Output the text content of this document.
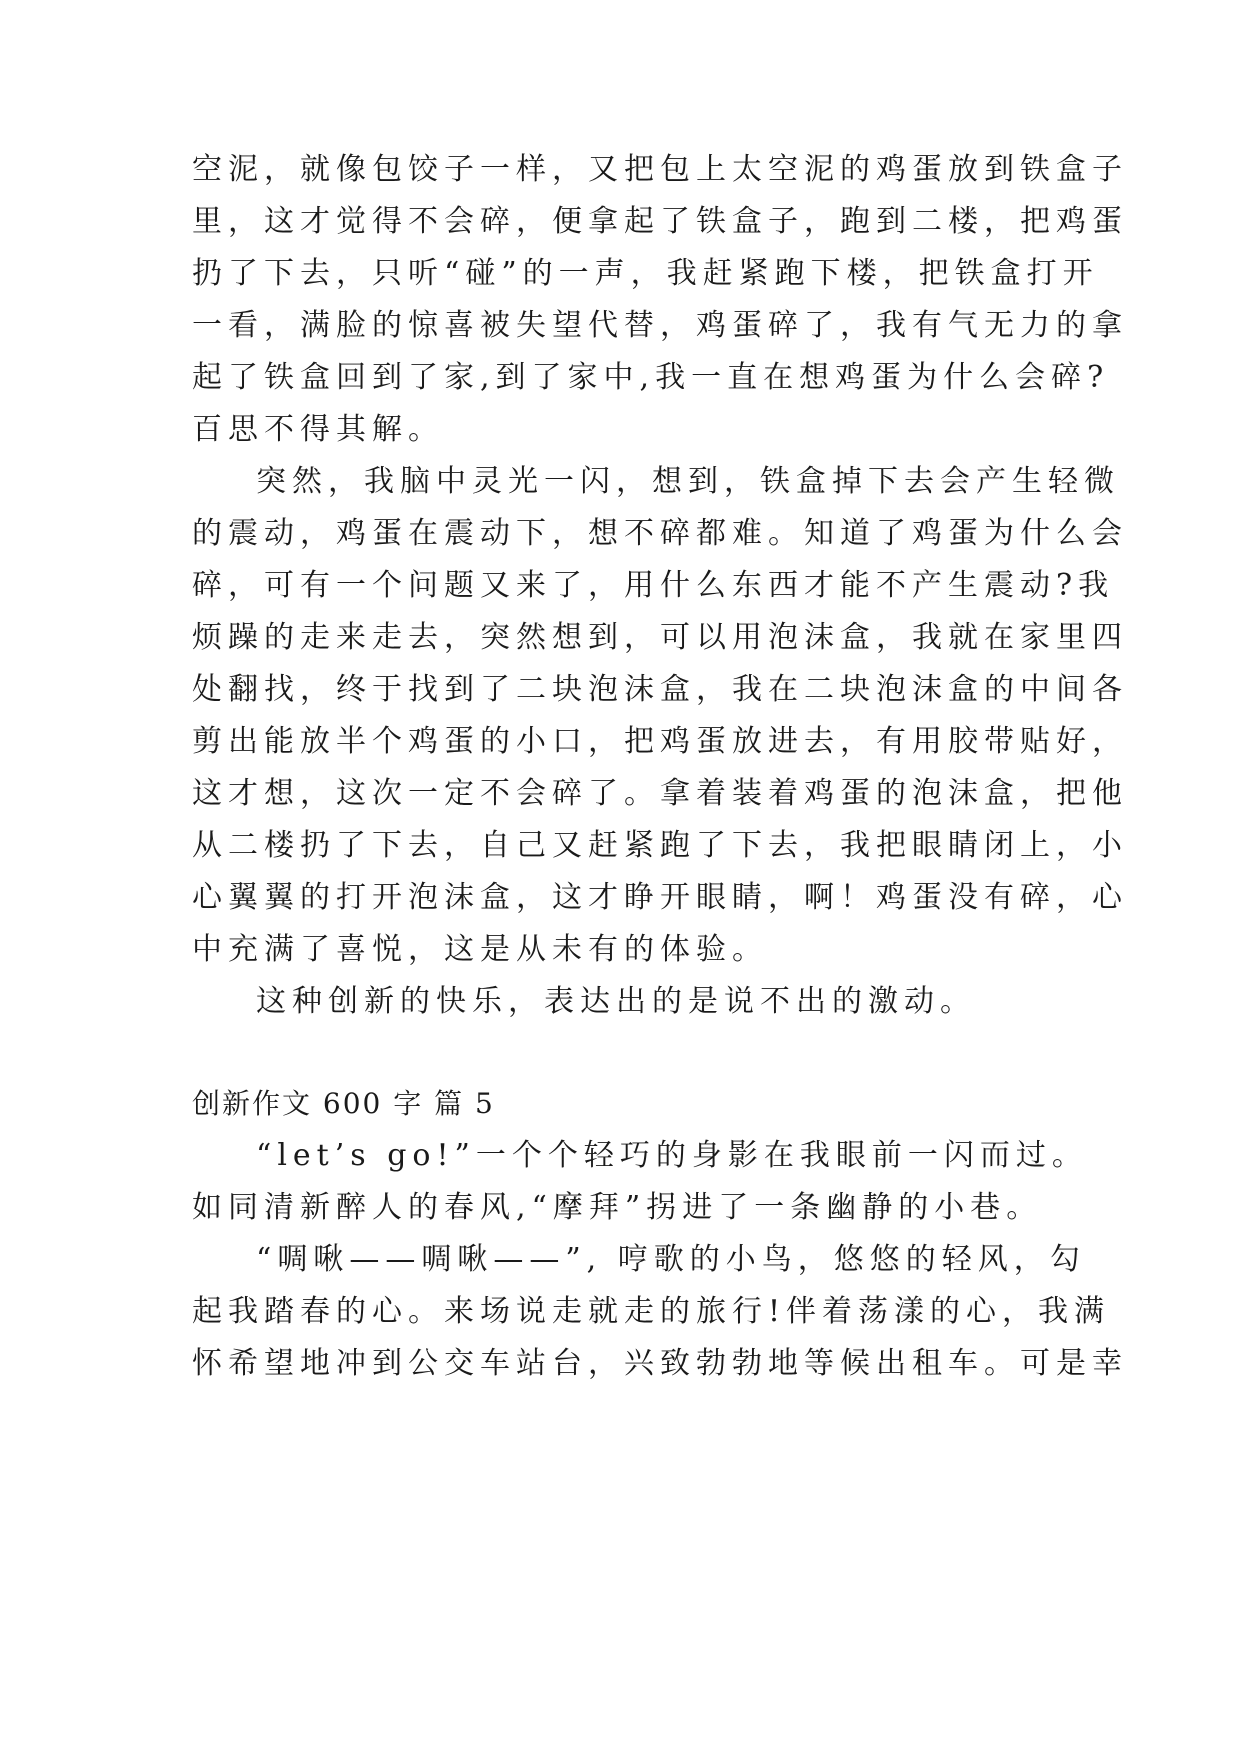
空泥，就像包饺子一样，又把包上太空泥的鸡蛋放到铁盒子
里，这才觉得不会碎，便拿起了铁盒子，跑到二楼，把鸡蛋
扔了下去，只听“碰”的一声，我赶紧跑下楼，把铁盒打开
一看，满脸的惊喜被失望代替，鸡蛋碎了，我有气无力的拿
起了铁盒回到了家,到了家中,我一直在想鸡蛋为什么会碎?
百思不得其解。
突然，我脑中灵光一闪，想到，铁盒掉下去会产生轻微
的震动，鸡蛋在震动下，想不碎都难。知道了鸡蛋为什么会
碎，可有一个问题又来了，用什么东西才能不产生震动?我
烦躁的走来走去，突然想到，可以用泡沫盒，我就在家里四
处翻找，终于找到了二块泡沫盒，我在二块泡沫盒的中间各
剪出能放半个鸡蛋的小口，把鸡蛋放进去，有用胶带贴好，
这才想，这次一定不会碎了。拿着装着鸡蛋的泡沫盒，把他
从二楼扔了下去，自己又赶紧跑了下去，我把眼睛闭上，小
心翼翼的打开泡沫盒，这才睁开眼睛，啊！鸡蛋没有碎，心
中充满了喜悦，这是从未有的体验。
这种创新的快乐，表达出的是说不出的激动。
创新作文 600 字 篇 5
“let’s go!”一个个轻巧的身影在我眼前一闪而过。
如同清新醉人的春风,“摩拜”拐进了一条幽静的小巷。
“啁啾——啁啾——”, 哼歌的小鸟，悠悠的轻风，勾
起我踏春的心。来场说走就走的旅行!伴着荡漾的心，我满
怀希望地冲到公交车站台，兴致勃勃地等候出租车。可是幸
